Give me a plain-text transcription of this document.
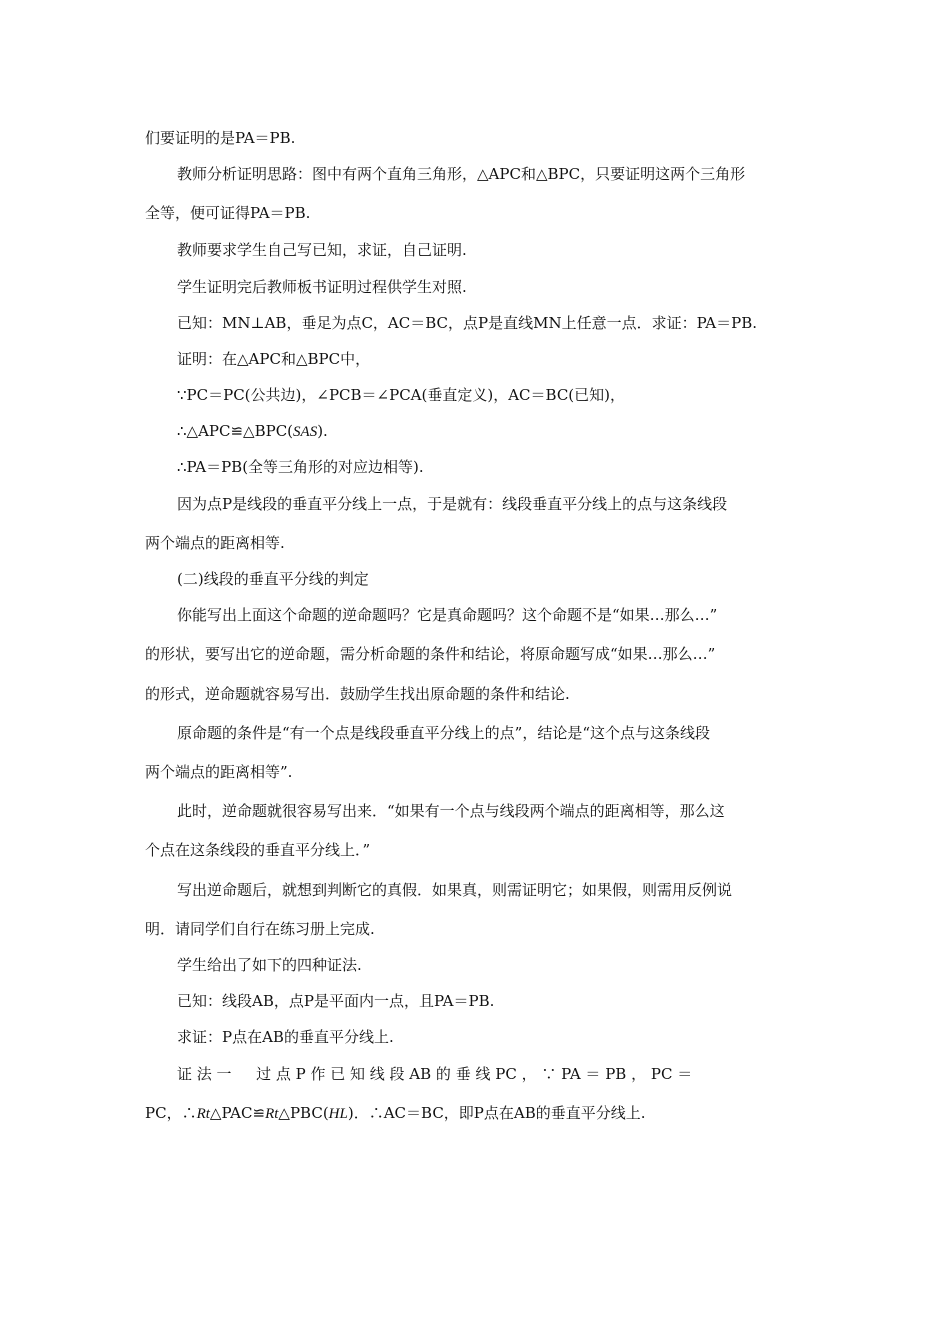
们要证明的是PA＝PB.
教师分析证明思路：图中有两个直角三角形，△APC和△BPC，只要证明这两个三角形
全等，便可证得PA＝PB.
教师要求学生自己写已知，求证，自己证明.
学生证明完后教师板书证明过程供学生对照.
已知：MN⊥AB，垂足为点C，AC＝BC，点P是直线MN上任意一点．求证：PA＝PB.
证明：在△APC和△BPC中，
∵PC＝PC(公共边)，∠PCB＝∠PCA(垂直定义)，AC＝BC(已知)，
∴△APC≌△BPC(SAS).
∴PA＝PB(全等三角形的对应边相等).
因为点P是线段的垂直平分线上一点，于是就有：线段垂直平分线上的点与这条线段
两个端点的距离相等.
(二)线段的垂直平分线的判定
你能写出上面这个命题的逆命题吗？它是真命题吗？这个命题不是“如果…那么…”
的形状，要写出它的逆命题，需分析命题的条件和结论，将原命题写成“如果…那么…”
的形式，逆命题就容易写出．鼓励学生找出原命题的条件和结论.
原命题的条件是“有一个点是线段垂直平分线上的点”，结论是“这个点与这条线段
两个端点的距离相等”.
此时，逆命题就很容易写出来．“如果有一个点与线段两个端点的距离相等，那么这
个点在这条线段的垂直平分线上．”
写出逆命题后，就想到判断它的真假．如果真，则需证明它；如果假，则需用反例说
明．请同学们自行在练习册上完成.
学生给出了如下的四种证法.
已知：线段AB，点P是平面内一点，且PA＝PB.
求证：P点在AB的垂直平分线上.
证 法 一 　 过 点 P 作 已 知 线 段 AB 的 垂 线 PC ， ∵ PA ＝ PB ， PC ＝
PC，∴Rt△PAC≌Rt△PBC(HL)．∴AC＝BC，即P点在AB的垂直平分线上.
